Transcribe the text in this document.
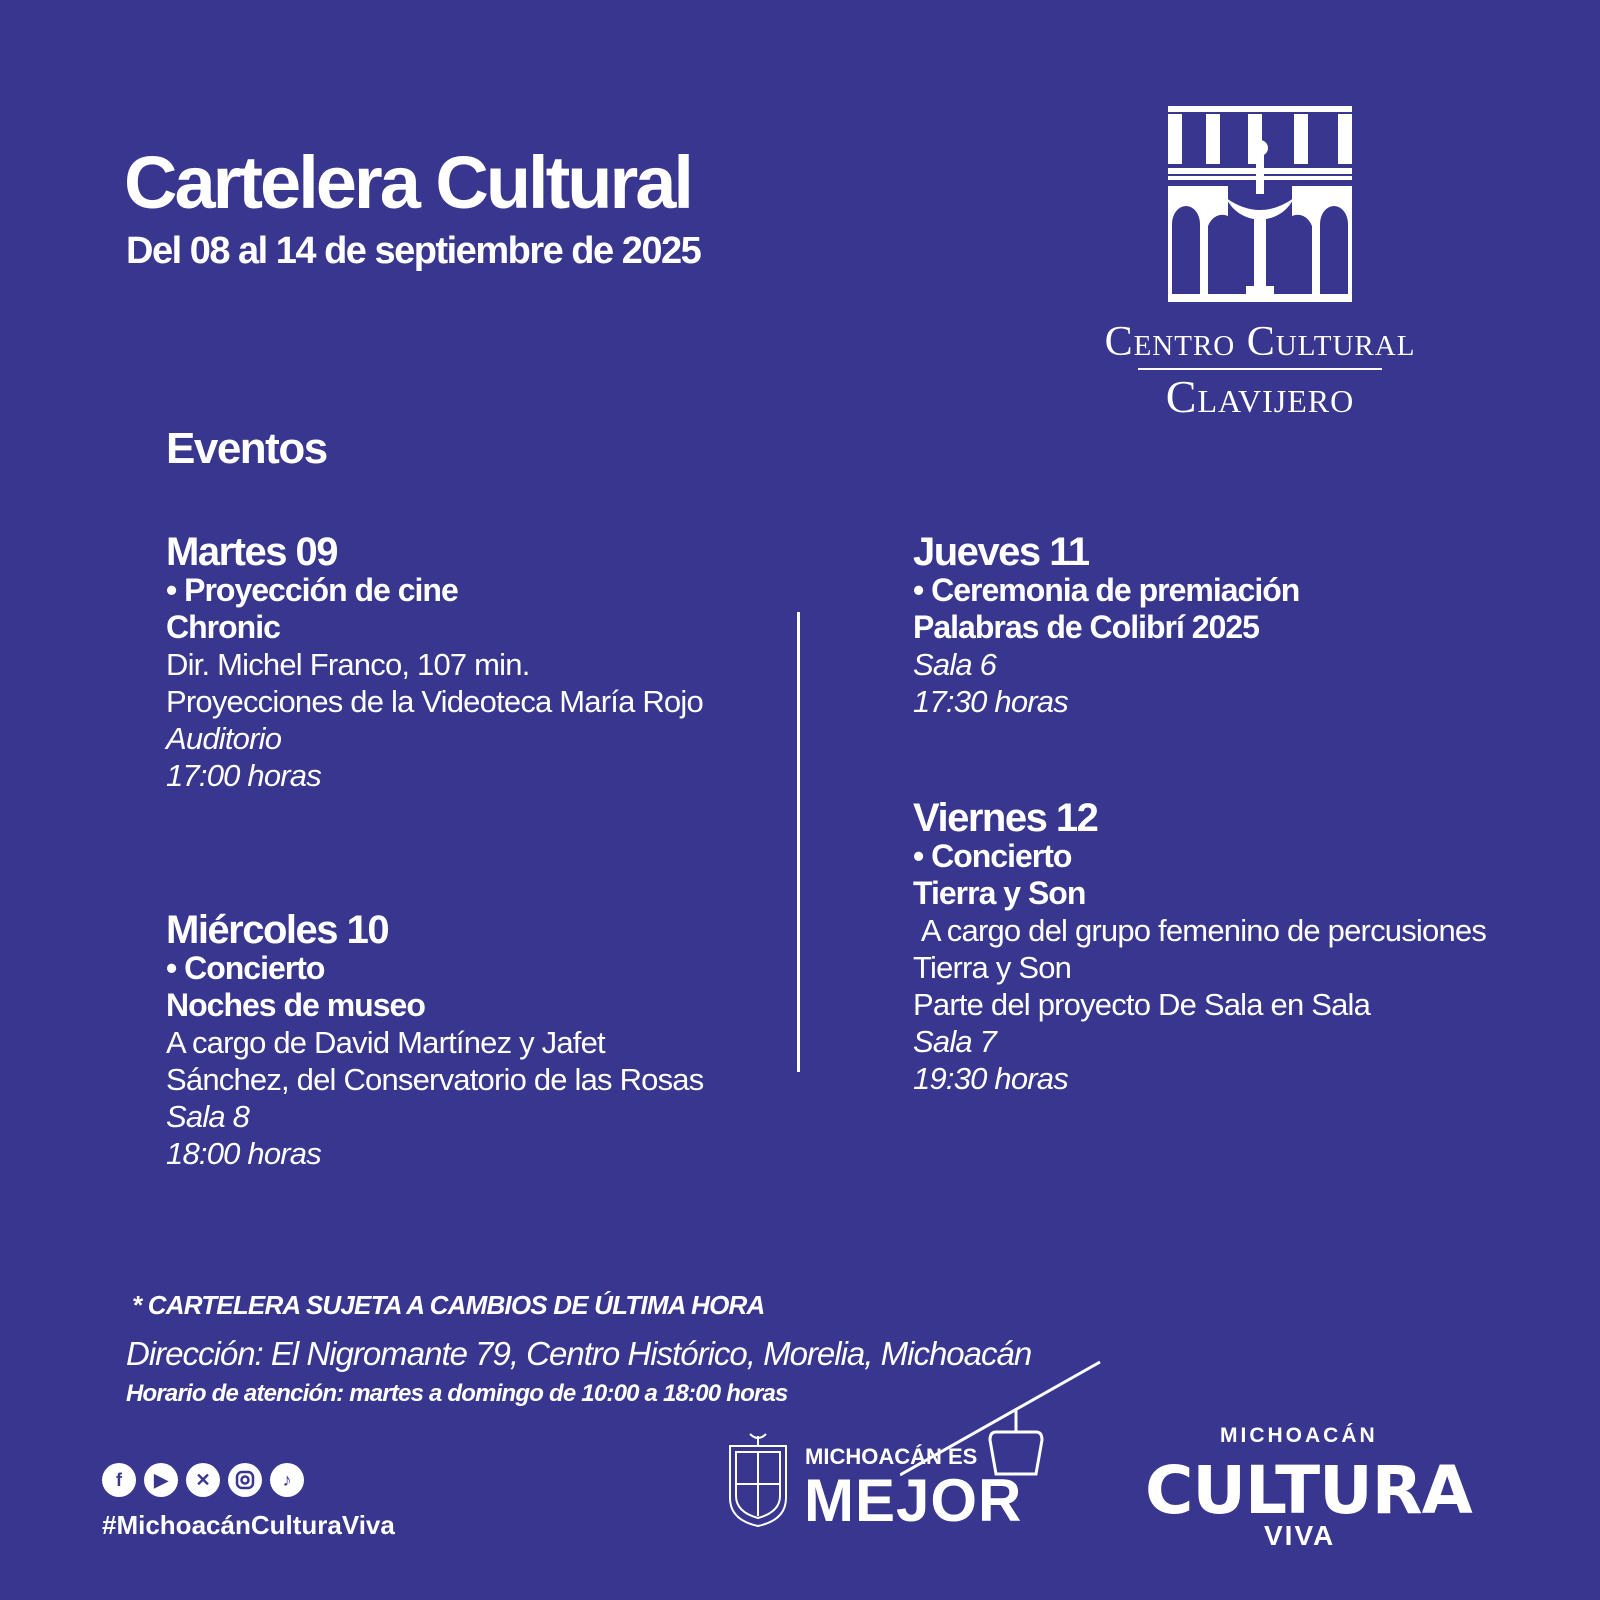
Cartelera Cultural
Del 08 al 14 de septiembre de 2025
Centro Cultural
Clavijero
Eventos
Martes 09
• Proyección de cine
Chronic
Dir. Michel Franco, 107 min.
Proyecciones de la Videoteca María Rojo
Auditorio
17:00 horas
Miércoles 10
• Concierto
Noches de museo
A cargo de David Martínez y Jafet Sánchez, del Conservatorio de las Rosas
Sala 8
18:00 horas
Jueves 11
• Ceremonia de premiación
Palabras de Colibrí 2025
Sala 6
17:30 horas
Viernes 12
• Concierto
Tierra y Son
A cargo del grupo femenino de percusiones Tierra y Son
Parte del proyecto De Sala en Sala
Sala 7
19:30 horas
* CARTELERA SUJETA A CAMBIOS DE ÚLTIMA HORA
Dirección: El Nigromante 79, Centro Histórico, Morelia, Michoacán
Horario de atención: martes a domingo de 10:00 a 18:00 horas
f	▶	✕	♪
#MichoacánCulturaViva
MICHOACÁN ES
MEJOR
MICHOACÁN
CULTURA
VIVA
